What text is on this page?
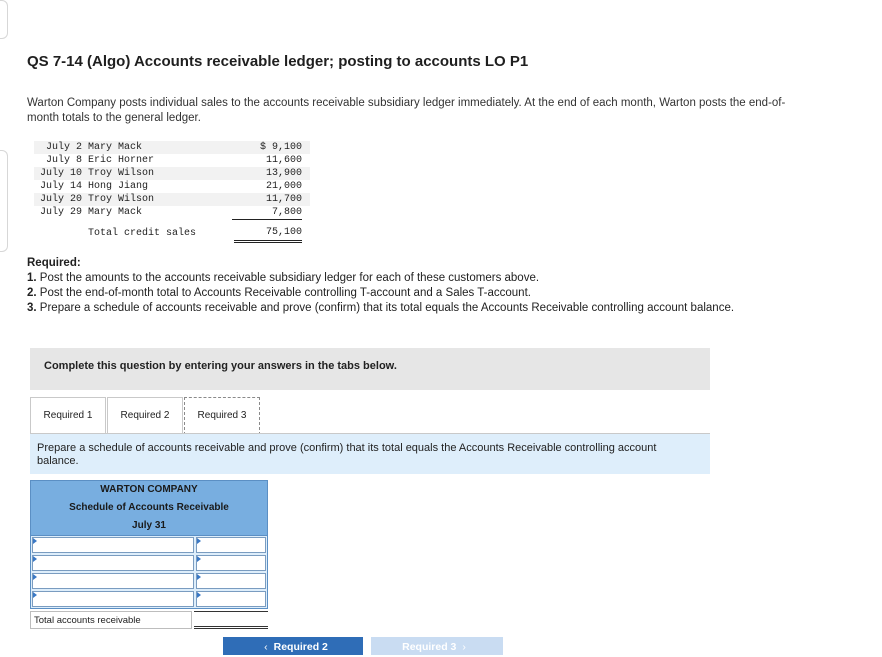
QS 7-14 (Algo) Accounts receivable ledger; posting to accounts LO P1
Warton Company posts individual sales to the accounts receivable subsidiary ledger immediately. At the end of each month, Warton posts the end-of-month totals to the general ledger.
July 2 Mary Mack	$ 9,100
July 8 Eric Horner	11,600
July 10 Troy Wilson	13,900
July 14 Hong Jiang	21,000
July 20 Troy Wilson	11,700
July 29 Mary Mack	7,800
Total credit sales	75,100
Required:
1. Post the amounts to the accounts receivable subsidiary ledger for each of these customers above.
2. Post the end-of-month total to Accounts Receivable controlling T-account and a Sales T-account.
3. Prepare a schedule of accounts receivable and prove (confirm) that its total equals the Accounts Receivable controlling account balance.
Complete this question by entering your answers in the tabs below.
Required 1	Required 2	Required 3
Prepare a schedule of accounts receivable and prove (confirm) that its total equals the Accounts Receivable controlling account balance.
WARTON COMPANY
Schedule of Accounts Receivable
July 31
Total accounts receivable
‹ Required 2	Required 3 ›
